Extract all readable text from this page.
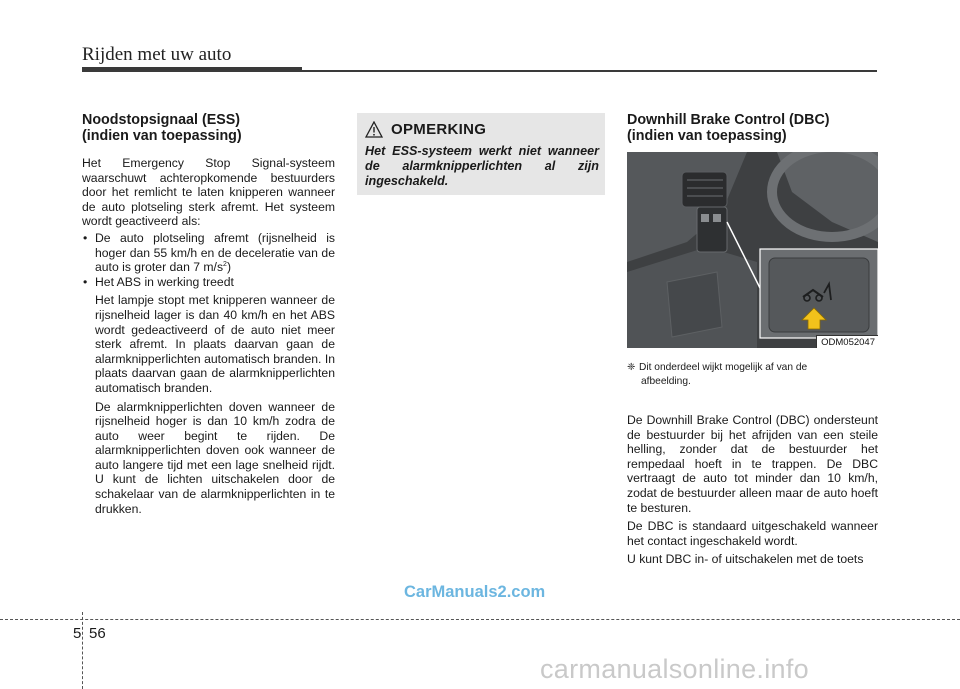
Rijden met uw auto
Noodstopsignaal (ESS)
(indien van toepassing)

Het Emergency Stop Signal-systeem waarschuwt achteropkomende bestuurders door het remlicht te laten knipperen wanneer de auto plotseling sterk afremt. Het systeem wordt geactiveerd als:

• De auto plotseling afremt (rijsnelheid is hoger dan 55 km/h en de deceleratie van de auto is groter dan 7 $m/s^2$)
• Het ABS in werking treedt

Het lampje stopt met knipperen wanneer de rijsnelheid lager is dan 40 km/h en het ABS wordt gedeactiveerd of de auto niet meer sterk afremt. In plaats daarvan gaan de alarmknipperlichten automatisch branden. In plaats daarvan gaan de alarmknipperlichten automatisch branden.

De alarmknipperlichten doven wanneer de rijsnelheid hoger is dan 10 km/h zodra de auto weer begint te rijden. De alarmknipperlichten doven ook wanneer de auto langere tijd met een lage snelheid rijdt. U kunt de lichten uitschakelen door de schakelaar van de alarmknipperlichten in te drukken.

OPMERKING
Het ESS-systeem werkt niet wanneer de alarmknipperlichten al zijn ingeschakeld.
Downhill Brake Control (DBC)
(indien van toepassing)
ODM052047
❈ Dit onderdeel wijkt mogelijk af van de
afbeelding.

De Downhill Brake Control (DBC) ondersteunt de bestuurder bij het afrijden van een steile helling, zonder dat de bestuurder het rempedaal hoeft in te trappen. De DBC vertraagt de auto tot minder dan 10 km/h, zodat de bestuurder alleen maar de auto hoeft te besturen.

De DBC is standaard uitgeschakeld wanneer het contact ingeschakeld wordt.

U kunt DBC in- of uitschakelen met de toets

CarManuals2.com
5 56
carmanualsonline.info
